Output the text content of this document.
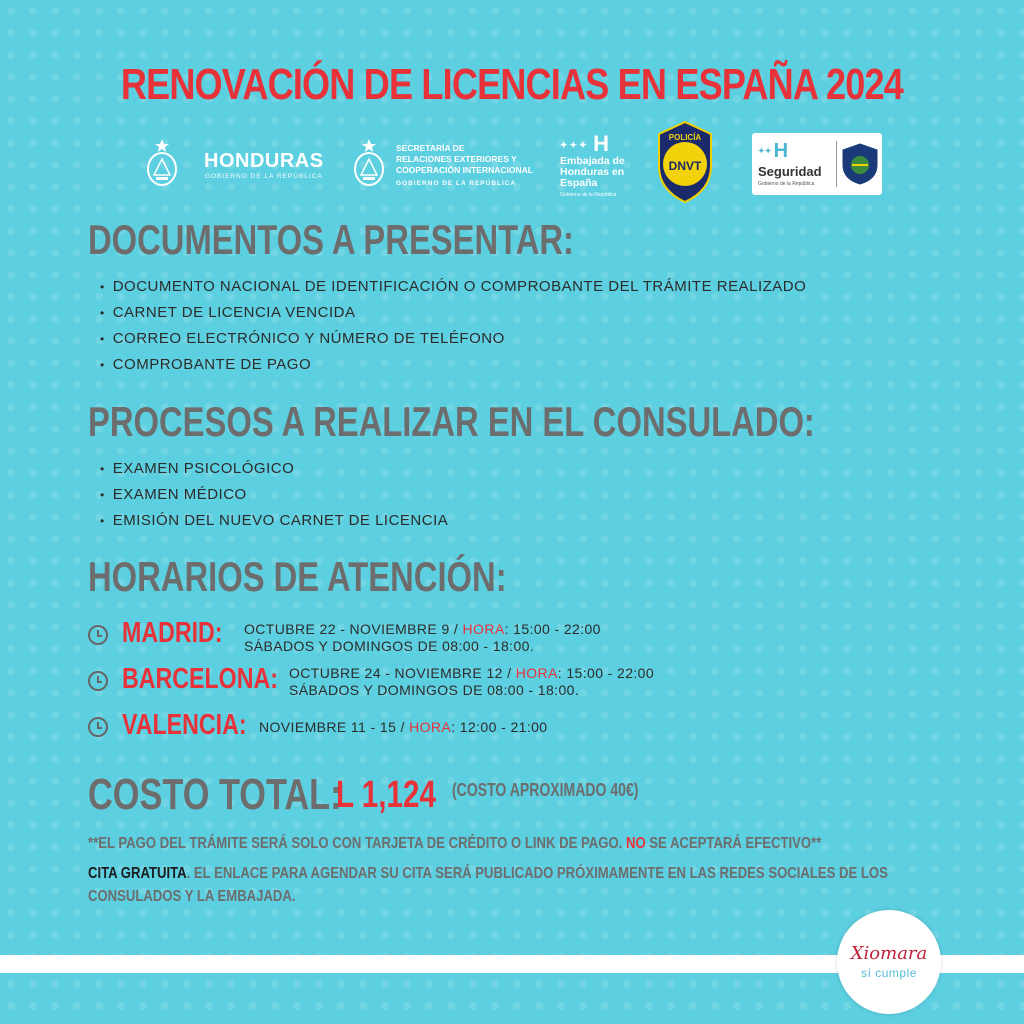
RENOVACIÓN DE LICENCIAS EN ESPAÑA 2024
HONDURAS
GOBIERNO DE LA REPÚBLICA
SECRETARÍA DE
RELACIONES EXTERIORES Y
COOPERACIÓN INTERNACIONAL
GOBIERNO DE LA REPÚBLICA
✦✦✦ H
Embajada de
Honduras en
España
Gobierno de la República
POLICÍA
DNVT
✦✦ H
Seguridad
Gobierno de la República
DOCUMENTOS A PRESENTAR:
• DOCUMENTO NACIONAL DE IDENTIFICACIÓN O COMPROBANTE DEL TRÁMITE REALIZADO
• CARNET DE LICENCIA VENCIDA
• CORREO ELECTRÓNICO Y NÚMERO DE TELÉFONO
• COMPROBANTE DE PAGO
PROCESOS A REALIZAR EN EL CONSULADO:
• EXAMEN PSICOLÓGICO
• EXAMEN MÉDICO
• EMISIÓN DEL NUEVO CARNET DE LICENCIA
HORARIOS DE ATENCIÓN:
MADRID:	OCTUBRE 22 - NOVIEMBRE 9 / HORA: 15:00 - 22:00
SÁBADOS Y DOMINGOS DE 08:00 - 18:00.
BARCELONA: OCTUBRE 24 - NOVIEMBRE 12 / HORA: 15:00 - 22:00
SÁBADOS Y DOMINGOS DE 08:00 - 18:00.
VALENCIA: NOVIEMBRE 11 - 15 / HORA: 12:00 - 21:00
COSTO TOTAL:
L 1,124 (COSTO APROXIMADO 40€)
**EL PAGO DEL TRÁMITE SERÁ SOLO CON TARJETA DE CRÉDITO O LINK DE PAGO. NO SE ACEPTARÁ EFECTIVO**
CITA GRATUITA. EL ENLACE PARA AGENDAR SU CITA SERÁ PUBLICADO PRÓXIMAMENTE EN LAS REDES SOCIALES DE LOS
CONSULADOS Y LA EMBAJADA.
Xiomara
sí cumple
